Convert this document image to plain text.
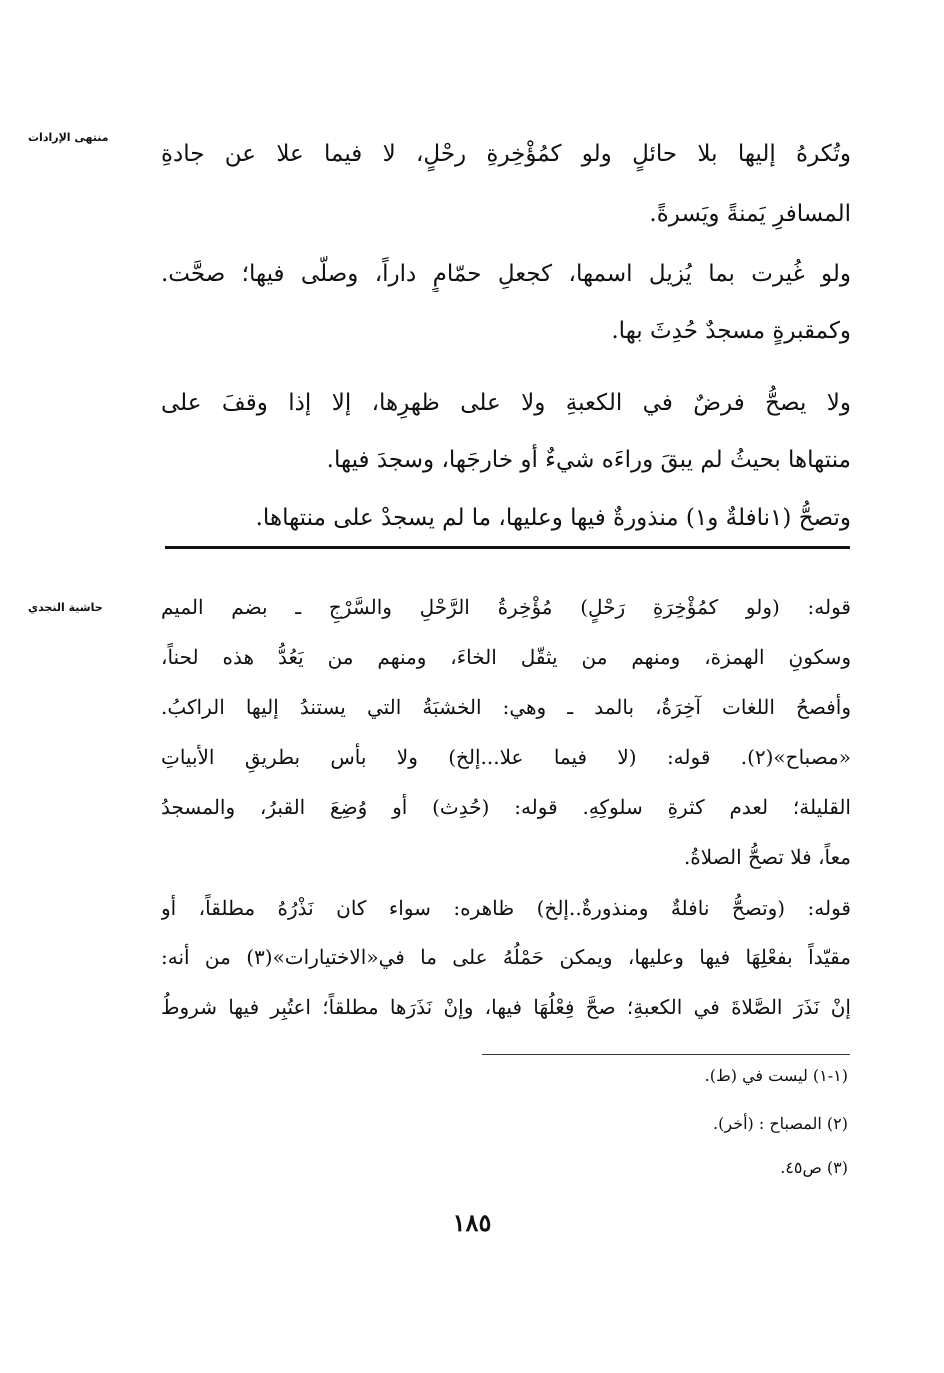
منتهى الإرادات
وتُكرهُ إليها بلا حائلٍ ولو كمُؤْخِرةِ رحْلٍ، لا فيما علا عن جادةِ
المسافرِ يَمنةً ويَسرةً.
ولو غُيرت بما يُزيل اسمها، كجعلِ حمّامٍ داراً، وصلّى فيها؛ صحَّت.
وكمقبرةٍ مسجدٌ حُدِثَ بها.
ولا يصحُّ فرضٌ في الكعبةِ ولا على ظهرِها، إلا إذا وقفَ على
منتهاها بحيثُ لم يبقَ وراءَه شيءٌ أو خارجَها، وسجدَ فيها.
وتصحُّ (١نافلةٌ و١) منذورةٌ فيها وعليها، ما لم يسجدْ على منتهاها.
حاشية النجدي	قوله: (ولو كمُؤْخِرَةِ رَحْلٍ) مُؤْخِرةُ الرَّحْلِ والسَّرْجِ ـ بضم الميم
وسكونِ الهمزة، ومنهم من يثقّل الخاءَ، ومنهم من يَعُدُّ هذه لحناً،
وأفصحُ اللغات آخِرَةُ، بالمد ـ وهي: الخشبَةُ التي يستندُ إليها الراكبُ.
«مصباح»(٢). قوله: (لا فيما علا...إلخ) ولا بأس بطريقِ الأبياتِ
القليلة؛ لعدم كثرةِ سلوكِهِ. قوله: (حُدِث) أو وُضِعَ القبرُ، والمسجدُ
معاً، فلا تصحُّ الصلاةُ.
قوله: (وتصحُّ نافلةٌ ومنذورةٌ..إلخ) ظاهره: سواء كان نَذْرُهُ مطلقاً، أو
مقيّداً بفعْلِهَا فيها وعليها، ويمكن حَمْلُهُ على ما في«الاختيارات»(٣) من أنه:
إنْ نَذَرَ الصَّلاةَ في الكعبةِ؛ صحَّ فِعْلُهَا فيها، وإنْ نَذَرَها مطلقاً؛ اعتُبِر فيها شروطُ
(١-١) ليست في (ط).
(٢) المصباح : (أخر).
(٣) ص٤٥.
١٨٥
